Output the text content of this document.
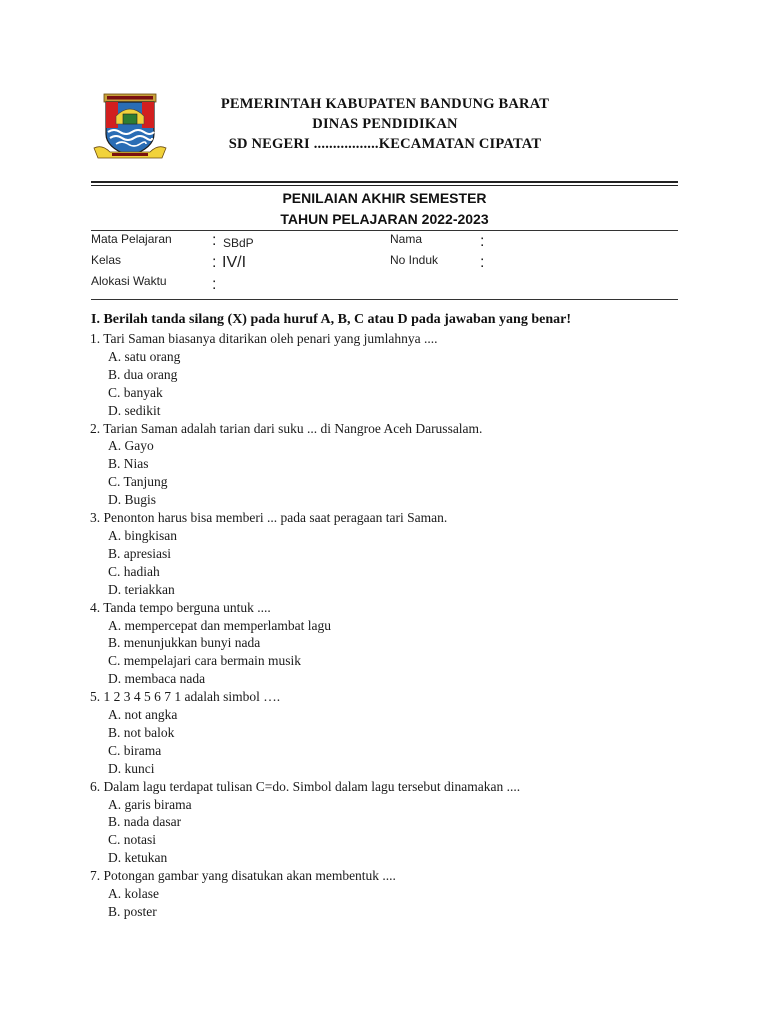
PEMERINTAH KABUPATEN BANDUNG BARAT
DINAS PENDIDIKAN
SD NEGERI .................KECAMATAN CIPATAT
PENILAIAN AKHIR SEMESTER
TAHUN PELAJARAN 2022-2023
Mata Pelajaran	: SBdP
Kelas	: IV/I
Alokasi Waktu	:
Nama	:
No Induk	:
I. Berilah tanda silang (X) pada huruf A, B, C atau D pada jawaban yang benar!
1. Tari Saman biasanya ditarikan oleh penari yang jumlahnya ....
A. satu orang
B. dua orang
C. banyak
D. sedikit
2. Tarian Saman adalah tarian dari suku ... di Nangroe Aceh Darussalam.
A. Gayo
B. Nias
C. Tanjung
D. Bugis
3. Penonton harus bisa memberi ... pada saat peragaan tari Saman.
A. bingkisan
B. apresiasi
C. hadiah
D. teriakkan
4. Tanda tempo berguna untuk ....
A. mempercepat dan memperlambat lagu
B. menunjukkan bunyi nada
C. mempelajari cara bermain musik
D. membaca nada
5. 1 2 3 4 5 6 7 1 adalah simbol ….
A. not angka
B. not balok
C. birama
D. kunci
6. Dalam lagu terdapat tulisan C=do. Simbol dalam lagu tersebut dinamakan ....
A. garis birama
B. nada dasar
C. notasi
D. ketukan
7. Potongan gambar yang disatukan akan membentuk ....
A. kolase
B. poster
